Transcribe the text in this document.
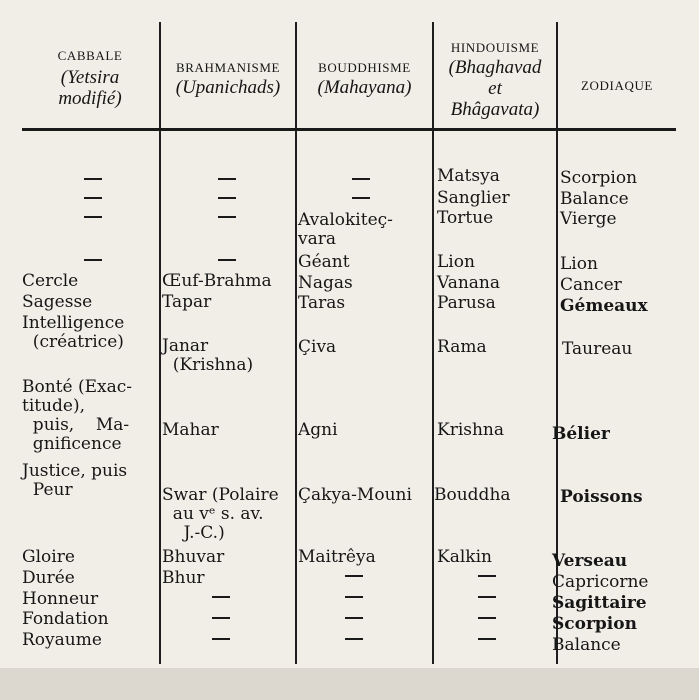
CABBALE
(Yetsira
modifié)
BRAHMANISME
(Upanichads)
BOUDDHISME
(Mahayana)
HINDOUISME
(Bhaghavad
et
Bhâgavata)
ZODIAQUE
Matsya
Sanglier
Tortue
Lion
Vanana
Parusa
Rama
Krishna
Bouddha
Kalkin
Scorpion
Balance
Vierge
Lion
Cancer
Gémeaux
Taureau
Bélier
Poissons
Verseau
Capricorne
Sagittaire
Scorpion
Balance
Avalokiteç-
vara
Géant
Nagas
Taras
Çiva
Agni
Çakya-Mouni
Maitrêya
Œuf-Brahma
Tapar
Janar
(Krishna)
Mahar
Swar (Polaire
au vᵉ s. av.
J.-C.)
Bhuvar
Bhur
Cercle
Sagesse
Intelligence
(créatrice)
Bonté (Exac-
titude),
puis,    Ma-
gnificence
Justice, puis
Peur
Gloire
Durée
Honneur
Fondation
Royaume
